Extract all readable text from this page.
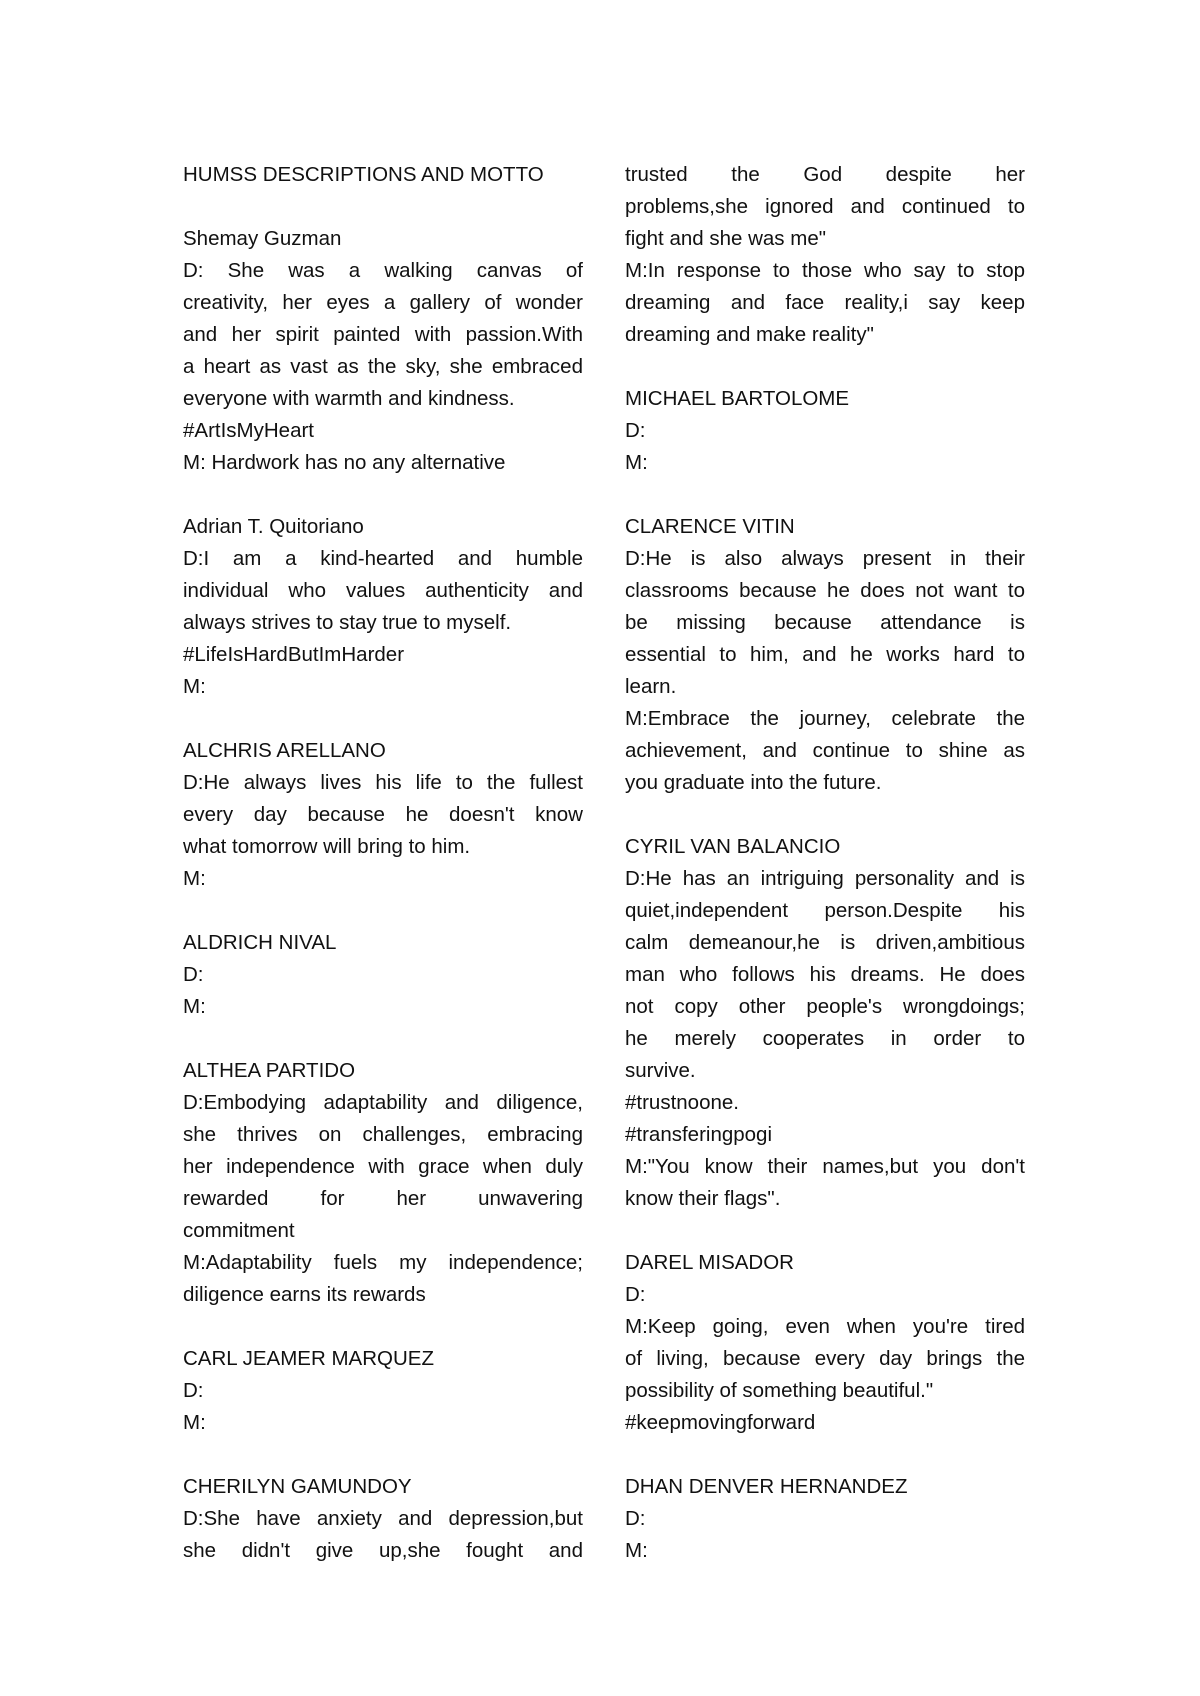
HUMSS DESCRIPTIONS AND MOTTO
Shemay Guzman
D: She was a walking canvas of
creativity, her eyes a gallery of wonder
and her spirit painted with passion.With
a heart as vast as the sky, she embraced
everyone with warmth and kindness.
#ArtIsMyHeart
M: Hardwork has no any alternative
Adrian T. Quitoriano
D:I am a kind-hearted and humble
individual who values authenticity and
always strives to stay true to myself.
#LifeIsHardButImHarder
M:
ALCHRIS ARELLANO
D:He always lives his life to the fullest
every day because he doesn't know
what tomorrow will bring to him.
M:
ALDRICH NIVAL
D:
M:
ALTHEA PARTIDO
D:Embodying adaptability and diligence,
she thrives on challenges, embracing
her independence with grace when duly
rewarded for her unwavering
commitment
M:Adaptability fuels my independence;
diligence earns its rewards
CARL JEAMER MARQUEZ
D:
M:
CHERILYN GAMUNDOY
D:She have anxiety and depression,but
she didn't give up,she fought and
trusted the God despite her
problems,she ignored and continued to
fight and she was me"
M:In response to those who say to stop
dreaming and face reality,i say keep
dreaming and make reality"
MICHAEL BARTOLOME
D:
M:
CLARENCE VITIN
D:He is also always present in their
classrooms because he does not want to
be missing because attendance is
essential to him, and he works hard to
learn.
M:Embrace the journey, celebrate the
achievement, and continue to shine as
you graduate into the future.
CYRIL VAN BALANCIO
D:He has an intriguing personality and is
quiet,independent person.Despite his
calm demeanour,he is driven,ambitious
man who follows his dreams. He does
not copy other people's wrongdoings;
he merely cooperates in order to
survive.
#trustnoone.
#transferingpogi
M:"You know their names,but you don't
know their flags".
DAREL MISADOR
D:
M:Keep going, even when you're tired
of living, because every day brings the
possibility of something beautiful."
#keepmovingforward
DHAN DENVER HERNANDEZ
D:
M:
